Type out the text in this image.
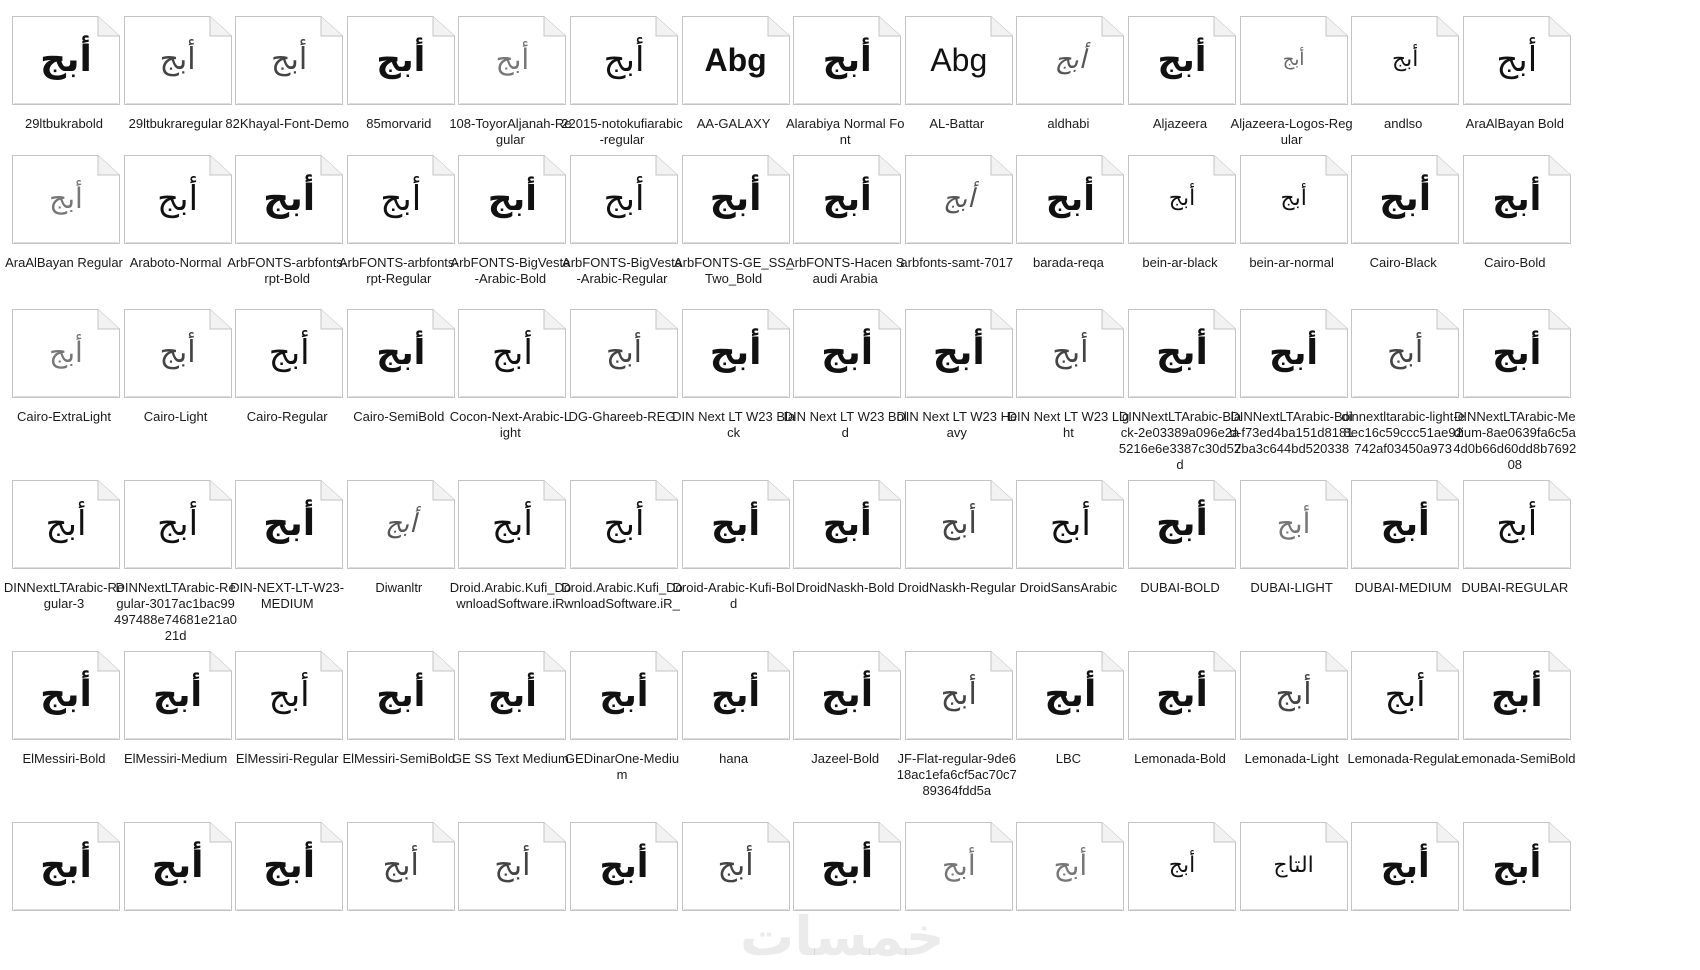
أبج
29ltbukrabold
أبج
29ltbukraregular
أبج
82Khayal-Font-Demo
أبج
85morvarid
أبج
108-ToyorAljanah-Regular
أبج
22015-notokufiarabic-regular
Abg
AA-GALAXY
أبج
Alarabiya Normal Font
Abg
AL-Battar
أبج
aldhabi
أبج
Aljazeera
أبج
Aljazeera-Logos-Regular
أبج
andlso
أبج
AraAlBayan Bold
أبج
AraAlBayan Regular
أبج
Araboto-Normal
أبج
ArbFONTS-arbfonts-rpt-Bold
أبج
ArbFONTS-arbfonts-rpt-Regular
أبج
ArbFONTS-BigVesta-Arabic-Bold
أبج
ArbFONTS-BigVesta-Arabic-Regular
أبج
ArbFONTS-GE_SS_Two_Bold
أبج
ArbFONTS-Hacen Saudi Arabia
أبج
arbfonts-samt-7017
أبج
barada-reqa
أبج
bein-ar-black
أبج
bein-ar-normal
أبج
Cairo-Black
أبج
Cairo-Bold
أبج
Cairo-ExtraLight
أبج
Cairo-Light
أبج
Cairo-Regular
أبج
Cairo-SemiBold
أبج
Cocon-Next-Arabic-Light
أبج
DG-Ghareeb-REG
أبج
DIN Next LT W23 Black
أبج
DIN Next LT W23 Bold
أبج
DIN Next LT W23 Heavy
أبج
DIN Next LT W23 Light
أبج
DINNextLTArabic-Black-2e03389a096e2a5216e6e3387c30d52d
أبج
DINNextLTArabic-Bold-f73ed4ba151d81817ba3c644bd520338
أبج
dinnextltarabic-light-e8ec16c59ccc51ae92742af03450a973
أبج
DINNextLTArabic-Medium-8ae0639fa6c5a4d0b66d60dd8b769208
أبج
DINNextLTArabic-Regular-3
أبج
DINNextLTArabic-Regular-3017ac1bac99497488e74681e21a021d
أبج
DIN-NEXT-LT-W23-MEDIUM
أبج
Diwanltr
أبج
Droid.Arabic.Kufi_DownloadSoftware.iR
أبج
Droid.Arabic.Kufi_DownloadSoftware.iR_
أبج
Droid-Arabic-Kufi-Bold
أبج
DroidNaskh-Bold
أبج
DroidNaskh-Regular
أبج
DroidSansArabic
أبج
DUBAI-BOLD
أبج
DUBAI-LIGHT
أبج
DUBAI-MEDIUM
أبج
DUBAI-REGULAR
أبج
ElMessiri-Bold
أبج
ElMessiri-Medium
أبج
ElMessiri-Regular
أبج
ElMessiri-SemiBold
أبج
GE SS Text Medium
أبج
GEDinarOne-Medium
أبج
hana
أبج
Jazeel-Bold
أبج
JF-Flat-regular-9de618ac1efa6cf5ac70c789364fdd5a
أبج
LBC
أبج
Lemonada-Bold
أبج
Lemonada-Light
أبج
Lemonada-Regular
أبج
Lemonada-SemiBold
أبج	أبج	أبج	أبج	أبج	أبج	أبج	أبج	أبج	أبج	أبج	التاج	أبج	أبج
خمسات
